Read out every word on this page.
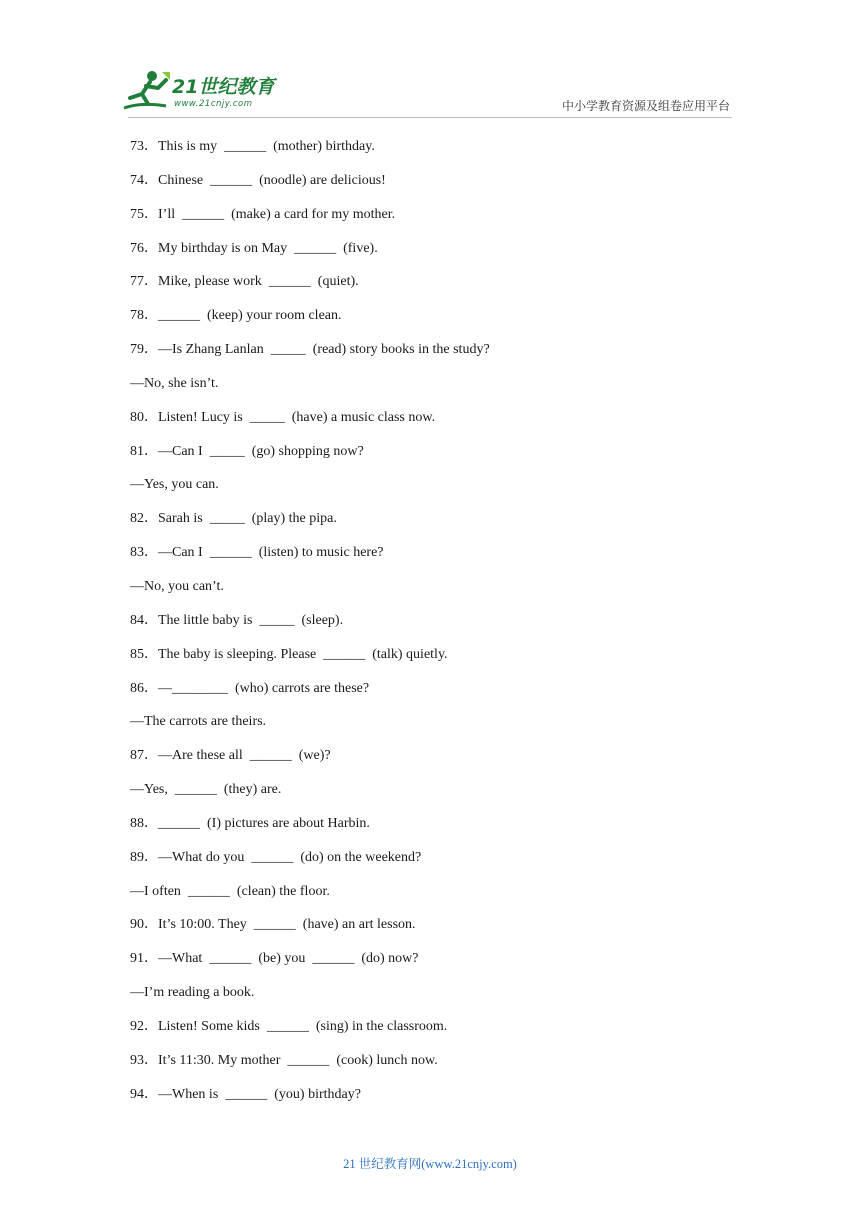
21世纪教育
www.21cnjy.com	中小学教育资源及组卷应用平台
73．This is my  ______  (mother) birthday.
74．Chinese  ______  (noodle) are delicious!
75．I’ll  ______  (make) a card for my mother.
76．My birthday is on May  ______  (five).
77．Mike, please work  ______  (quiet).
78．______  (keep) your room clean.
79．—Is Zhang Lanlan  _____  (read) story books in the study?
—No, she isn’t.
80．Listen! Lucy is  _____  (have) a music class now.
81．—Can I  _____  (go) shopping now?
—Yes, you can.
82．Sarah is  _____  (play) the pipa.
83．—Can I  ______  (listen) to music here?
—No, you can’t.
84．The little baby is  _____  (sleep).
85．The baby is sleeping. Please  ______  (talk) quietly.
86．—________  (who) carrots are these?
—The carrots are theirs.
87．—Are these all  ______  (we)?
—Yes,  ______  (they) are.
88．______  (I) pictures are about Harbin.
89．—What do you  ______  (do) on the weekend?
—I often  ______  (clean) the floor.
90．It’s 10:00. They  ______  (have) an art lesson.
91．—What  ______  (be) you  ______  (do) now?
—I’m reading a book.
92．Listen! Some kids  ______  (sing) in the classroom.
93．It’s 11:30. My mother  ______  (cook) lunch now.
94．—When is  ______  (you) birthday?
21 世纪教育网(www.21cnjy.com)
